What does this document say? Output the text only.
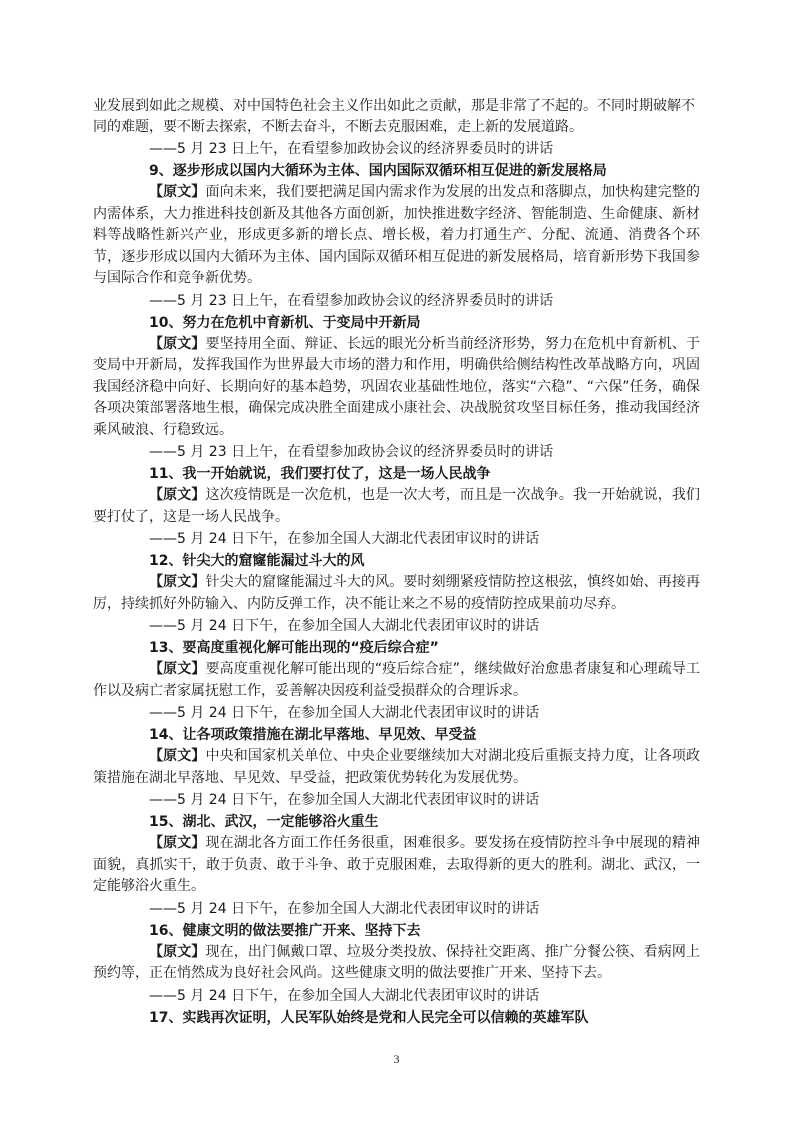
业发展到如此之规模、对中国特色社会主义作出如此之贡献，那是非常了不起的。不同时期破解不

同的难题，要不断去探索，不断去奋斗，不断去克服困难，走上新的发展道路。

——5 月 23 日上午，在看望参加政协会议的经济界委员时的讲话

9、逐步形成以国内大循环为主体、国内国际双循环相互促进的新发展格局

【原文】面向未来，我们要把满足国内需求作为发展的出发点和落脚点，加快构建完整的内需体系，大力推进科技创新及其他各方面创新，加快推进数字经济、智能制造、生命健康、新材料等战略性新兴产业，形成更多新的增长点、增长极，着力打通生产、分配、流通、消费各个环节，逐步形成以国内大循环为主体、国内国际双循环相互促进的新发展格局，培育新形势下我国参与国际合作和竞争新优势。

——5 月 23 日上午，在看望参加政协会议的经济界委员时的讲话

10、努力在危机中育新机、于变局中开新局

【原文】要坚持用全面、辩证、长远的眼光分析当前经济形势，努力在危机中育新机、于变局中开新局，发挥我国作为世界最大市场的潜力和作用，明确供给侧结构性改革战略方向，巩固我国经济稳中向好、长期向好的基本趋势，巩固农业基础性地位，落实“六稳”、“六保”任务，确保各项决策部署落地生根，确保完成决胜全面建成小康社会、决战脱贫攻坚目标任务，推动我国经济乘风破浪、行稳致远。

——5 月 23 日上午，在看望参加政协会议的经济界委员时的讲话

11、我一开始就说，我们要打仗了，这是一场人民战争

【原文】这次疫情既是一次危机，也是一次大考，而且是一次战争。我一开始就说，我们要打仗了，这是一场人民战争。

——5 月 24 日下午，在参加全国人大湖北代表团审议时的讲话

12、针尖大的窟窿能漏过斗大的风

【原文】针尖大的窟窿能漏过斗大的风。要时刻绷紧疫情防控这根弦，慎终如始、再接再厉，持续抓好外防输入、内防反弹工作，决不能让来之不易的疫情防控成果前功尽弃。

——5 月 24 日下午，在参加全国人大湖北代表团审议时的讲话

13、要高度重视化解可能出现的“疫后综合症”

【原文】要高度重视化解可能出现的“疫后综合症”，继续做好治愈患者康复和心理疏导工作以及病亡者家属抚慰工作，妥善解决因疫利益受损群众的合理诉求。

——5 月 24 日下午，在参加全国人大湖北代表团审议时的讲话

14、让各项政策措施在湖北早落地、早见效、早受益

【原文】中央和国家机关单位、中央企业要继续加大对湖北疫后重振支持力度，让各项政策措施在湖北早落地、早见效、早受益，把政策优势转化为发展优势。

——5 月 24 日下午，在参加全国人大湖北代表团审议时的讲话

15、湖北、武汉，一定能够浴火重生

【原文】现在湖北各方面工作任务很重，困难很多。要发扬在疫情防控斗争中展现的精神面貌，真抓实干，敢于负责、敢于斗争、敢于克服困难，去取得新的更大的胜利。湖北、武汉，一定能够浴火重生。

——5 月 24 日下午，在参加全国人大湖北代表团审议时的讲话

16、健康文明的做法要推广开来、坚持下去

【原文】现在，出门佩戴口罩、垃圾分类投放、保持社交距离、推广分餐公筷、看病网上预约等，正在悄然成为良好社会风尚。这些健康文明的做法要推广开来、坚持下去。

——5 月 24 日下午，在参加全国人大湖北代表团审议时的讲话

17、实践再次证明，人民军队始终是党和人民完全可以信赖的英雄军队

3
